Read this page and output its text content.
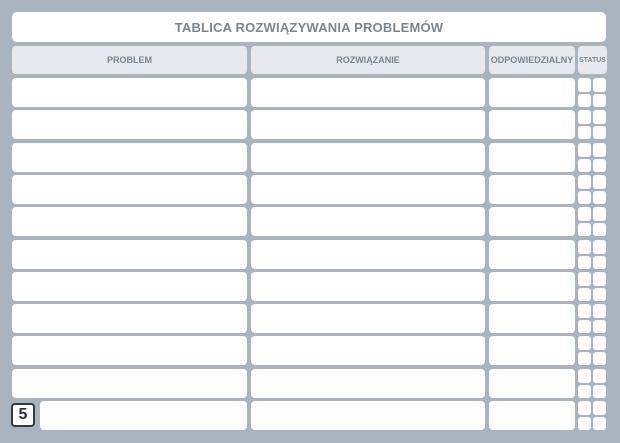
TABLICA ROZWIĄZYWANIA PROBLEMÓW
PROBLEM	ROZWIĄZANIE	ODPOWIEDZIALNY STATUS
5
